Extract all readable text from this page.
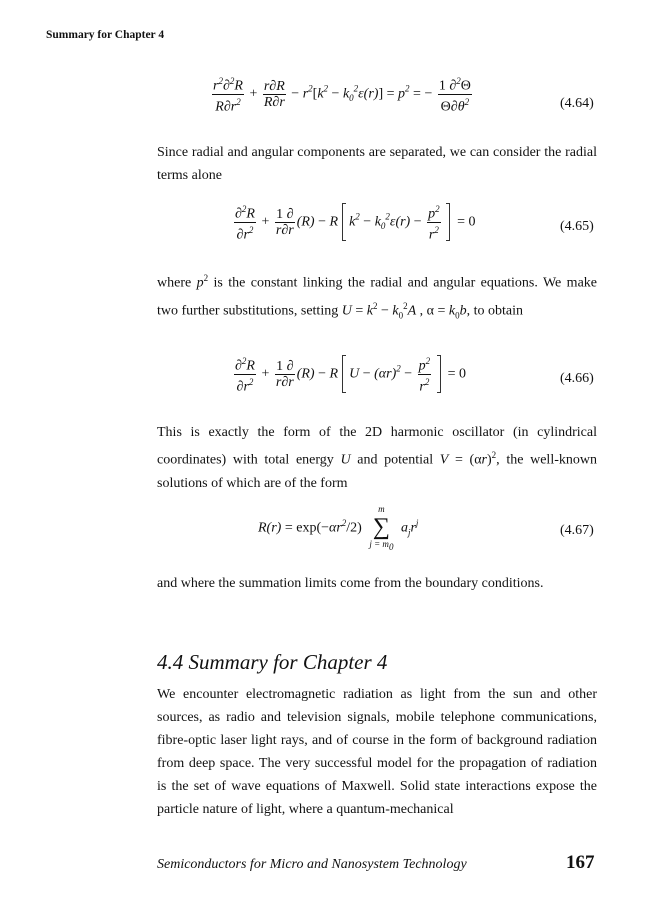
Summary for Chapter 4
$\frac{r^2\partial^2R}{R\partial r^2} + \frac{r\partial R}{R\partial r} - r^2[k^2 - k_0^2\varepsilon(r)] = p^2$ = − $\frac{1 \partial^2\Theta}{\Theta\partial\theta^2}$	(4.64)

Since radial and angular components are separated, we can consider the radial terms alone

$\frac{\partial^2R}{\partial r^2} + \frac{1 \partial}{r\partial r} (R) - R$  $k^2 - k_0^2\varepsilon(r) - \frac{p^2}{r^2} = 0$	(4.65)

where $p^2$ is the constant linking the radial and angular equations. We make two further substitutions, setting $U = k^2 - k_0^2A$ , $\alpha = k_0b$, to obtain

$\frac{\partial^2R}{\partial r^2} + \frac{1 \partial}{r\partial r} (R) - R$  $U - (\alpha r)^2 - \frac{p^2}{r^2} = 0$	(4.66)

This is exactly the form of the 2D harmonic oscillator (in cylindrical coordinates) with total energy U and potential $V = (\alpha r)^2$, the well-known solutions of which are of the form

$R(r) = \exp(-\alpha r^2/2)$
m
∑
$j = m_0$
$a_jr^j$
(4.67)

and where the summation limits come from the boundary conditions.

4.4 Summary for Chapter 4

We encounter electromagnetic radiation as light from the sun and other sources, as radio and television signals, mobile telephone communications, fibre-optic laser light rays, and of course in the form of background radiation from deep space. The very successful model for the propagation of radiation is the set of wave equations of Maxwell. Solid state interactions expose the particle nature of light, where a quantum-mechanical

Semiconductors for Micro and Nanosystem Technology	167
